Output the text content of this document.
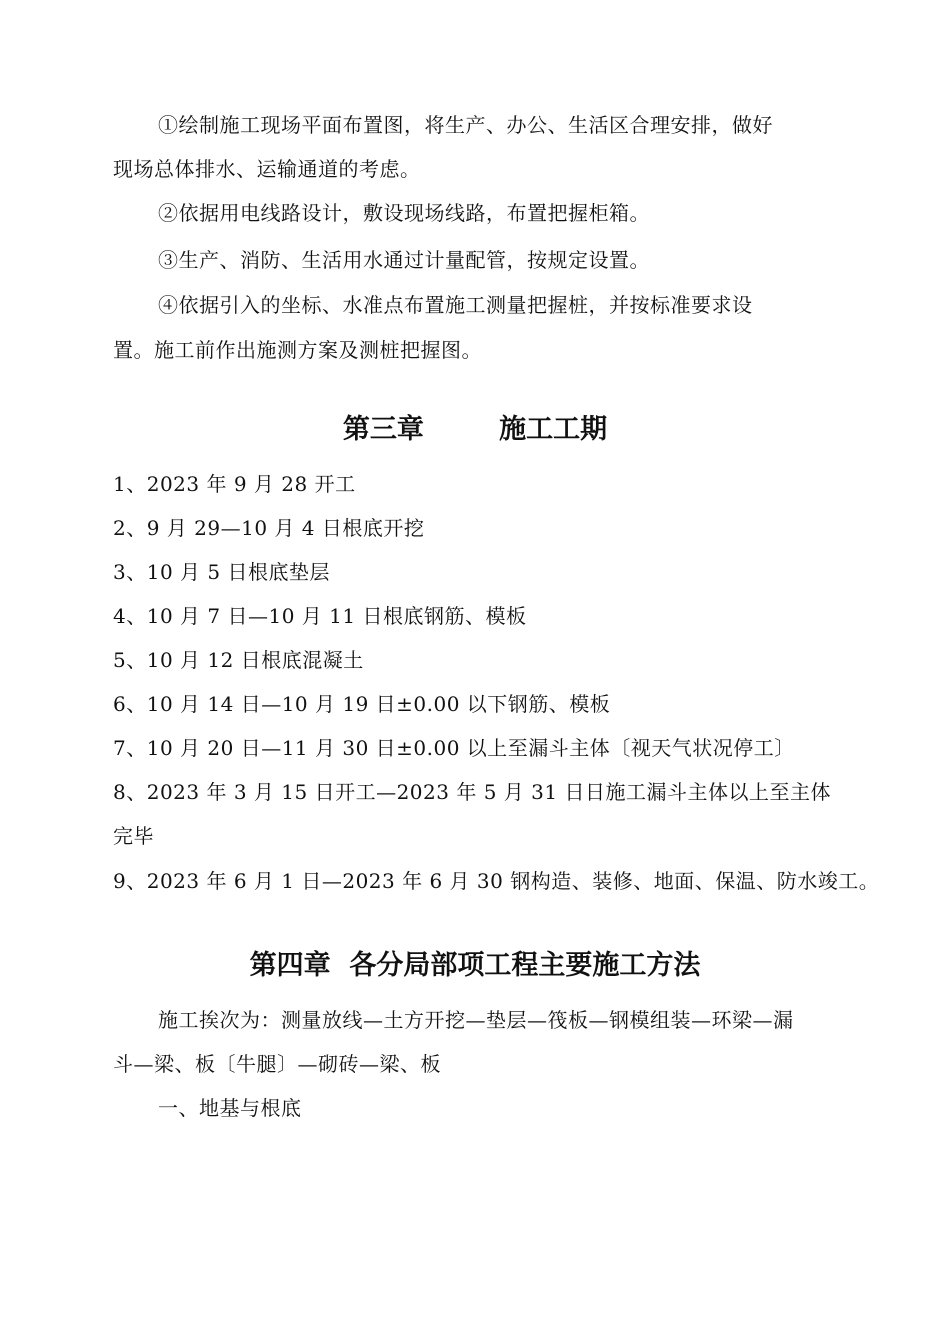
①绘制施工现场平面布置图，将生产、办公、生活区合理安排，做好
现场总体排水、运输通道的考虑。
②依据用电线路设计，敷设现场线路，布置把握柜箱。
③生产、消防、生活用水通过计量配管，按规定设置。
④依据引入的坐标、水准点布置施工测量把握桩，并按标准要求设
置。施工前作出施测方案及测桩把握图。
第三章        施工工期
1、2023 年 9 月 28 开工
2、9 月 29—10 月 4 日根底开挖
3、10 月 5 日根底垫层
4、10 月 7 日—10 月 11 日根底钢筋、模板
5、10 月 12 日根底混凝土
6、10 月 14 日—10 月 19 日±0.00 以下钢筋、模板
7、10 月 20 日—11 月 30 日±0.00 以上至漏斗主体〔视天气状况停工〕
8、2023 年 3 月 15 日开工—2023 年 5 月 31 日日施工漏斗主体以上至主体
完毕
9、2023 年 6 月 1 日—2023 年 6 月 30 钢构造、装修、地面、保温、防水竣工。
第四章  各分局部项工程主要施工方法
施工挨次为：测量放线—土方开挖—垫层—筏板—钢模组装—环梁—漏
斗—梁、板〔牛腿〕—砌砖—梁、板
一、地基与根底
